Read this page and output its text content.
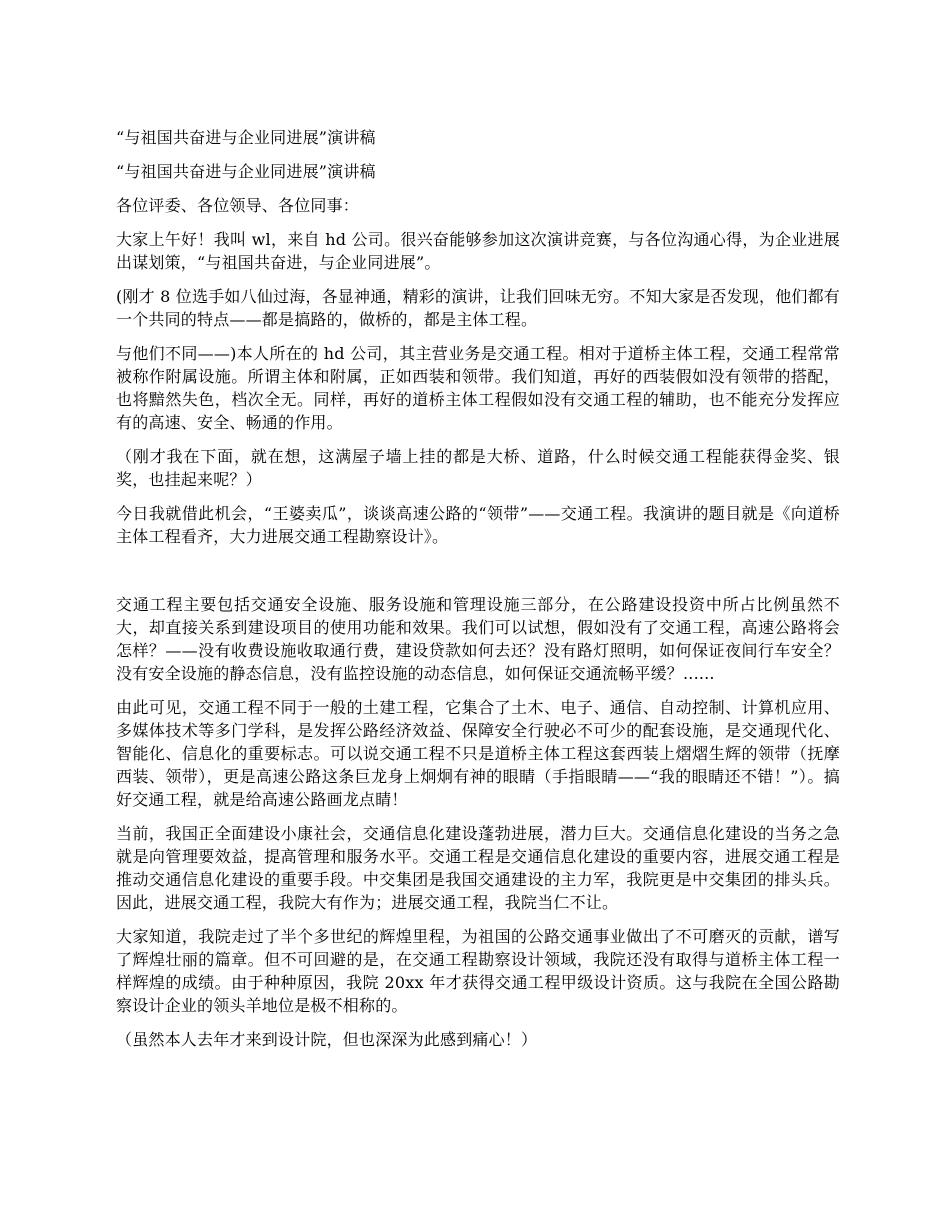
“与祖国共奋进与企业同进展”演讲稿

“与祖国共奋进与企业同进展”演讲稿

各位评委、各位领导、各位同事：

大家上午好！我叫 wl，来自 hd 公司。很兴奋能够参加这次演讲竞赛，与各位沟通心得，为企业进展出谋划策，“与祖国共奋进，与企业同进展”。

(刚才 8 位选手如八仙过海，各显神通，精彩的演讲，让我们回味无穷。不知大家是否发现，他们都有一个共同的特点——都是搞路的，做桥的，都是主体工程。

与他们不同——)本人所在的 hd 公司，其主营业务是交通工程。相对于道桥主体工程，交通工程常常被称作附属设施。所谓主体和附属，正如西装和领带。我们知道，再好的西装假如没有领带的搭配，也将黯然失色，档次全无。同样，再好的道桥主体工程假如没有交通工程的辅助，也不能充分发挥应有的高速、安全、畅通的作用。

（刚才我在下面，就在想，这满屋子墙上挂的都是大桥、道路，什么时候交通工程能获得金奖、银奖，也挂起来呢？）

今日我就借此机会，“王婆卖瓜”，谈谈高速公路的“领带”——交通工程。我演讲的题目就是《向道桥主体工程看齐，大力进展交通工程勘察设计》。

交通工程主要包括交通安全设施、服务设施和管理设施三部分，在公路建设投资中所占比例虽然不大，却直接关系到建设项目的使用功能和效果。我们可以试想，假如没有了交通工程，高速公路将会怎样？——没有收费设施收取通行费，建设贷款如何去还？没有路灯照明，如何保证夜间行车安全？没有安全设施的静态信息，没有监控设施的动态信息，如何保证交通流畅平缓？......

由此可见，交通工程不同于一般的土建工程，它集合了土木、电子、通信、自动控制、计算机应用、多媒体技术等多门学科，是发挥公路经济效益、保障安全行驶必不可少的配套设施，是交通现代化、智能化、信息化的重要标志。可以说交通工程不只是道桥主体工程这套西装上熠熠生辉的领带（抚摩西装、领带），更是高速公路这条巨龙身上炯炯有神的眼睛（手指眼睛——“我的眼睛还不错！”）。搞好交通工程，就是给高速公路画龙点睛！

当前，我国正全面建设小康社会，交通信息化建设蓬勃进展，潜力巨大。交通信息化建设的当务之急就是向管理要效益，提高管理和服务水平。交通工程是交通信息化建设的重要内容，进展交通工程是推动交通信息化建设的重要手段。中交集团是我国交通建设的主力军，我院更是中交集团的排头兵。因此，进展交通工程，我院大有作为；进展交通工程，我院当仁不让。

大家知道，我院走过了半个多世纪的辉煌里程，为祖国的公路交通事业做出了不可磨灭的贡献，谱写了辉煌壮丽的篇章。但不可回避的是，在交通工程勘察设计领域，我院还没有取得与道桥主体工程一样辉煌的成绩。由于种种原因，我院 20xx 年才获得交通工程甲级设计资质。这与我院在全国公路勘察设计企业的领头羊地位是极不相称的。

（虽然本人去年才来到设计院，但也深深为此感到痛心！）
